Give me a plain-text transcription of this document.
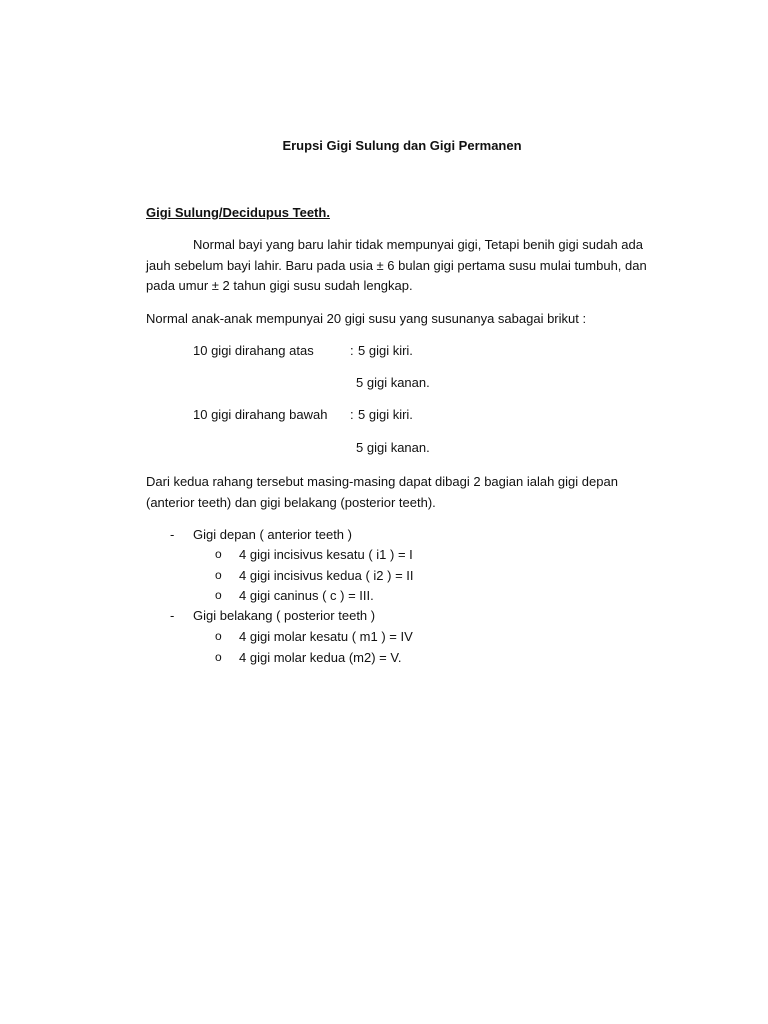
Erupsi Gigi Sulung dan Gigi Permanen
Gigi Sulung/Decidupus Teeth.
Normal bayi yang baru lahir tidak mempunyai gigi, Tetapi benih gigi sudah ada jauh sebelum bayi lahir. Baru pada usia ± 6 bulan gigi pertama susu mulai tumbuh, dan pada umur ± 2 tahun gigi susu sudah lengkap.
Normal anak-anak mempunyai 20 gigi susu yang susunanya sabagai brikut :
10 gigi dirahang atas	: 5 gigi kiri.
5 gigi kanan.
10 gigi dirahang bawah : 5 gigi kiri.
5 gigi kanan.
Dari kedua rahang tersebut masing-masing dapat dibagi 2 bagian ialah gigi depan (anterior teeth) dan gigi belakang (posterior teeth).
- Gigi depan ( anterior teeth )
o 4 gigi incisivus kesatu ( i1 ) = I
o 4 gigi incisivus kedua ( i2 ) = II
o 4 gigi caninus ( c ) = III.
- Gigi belakang ( posterior teeth )
o 4 gigi molar kesatu ( m1 ) = IV
o 4 gigi molar kedua (m2) = V.
